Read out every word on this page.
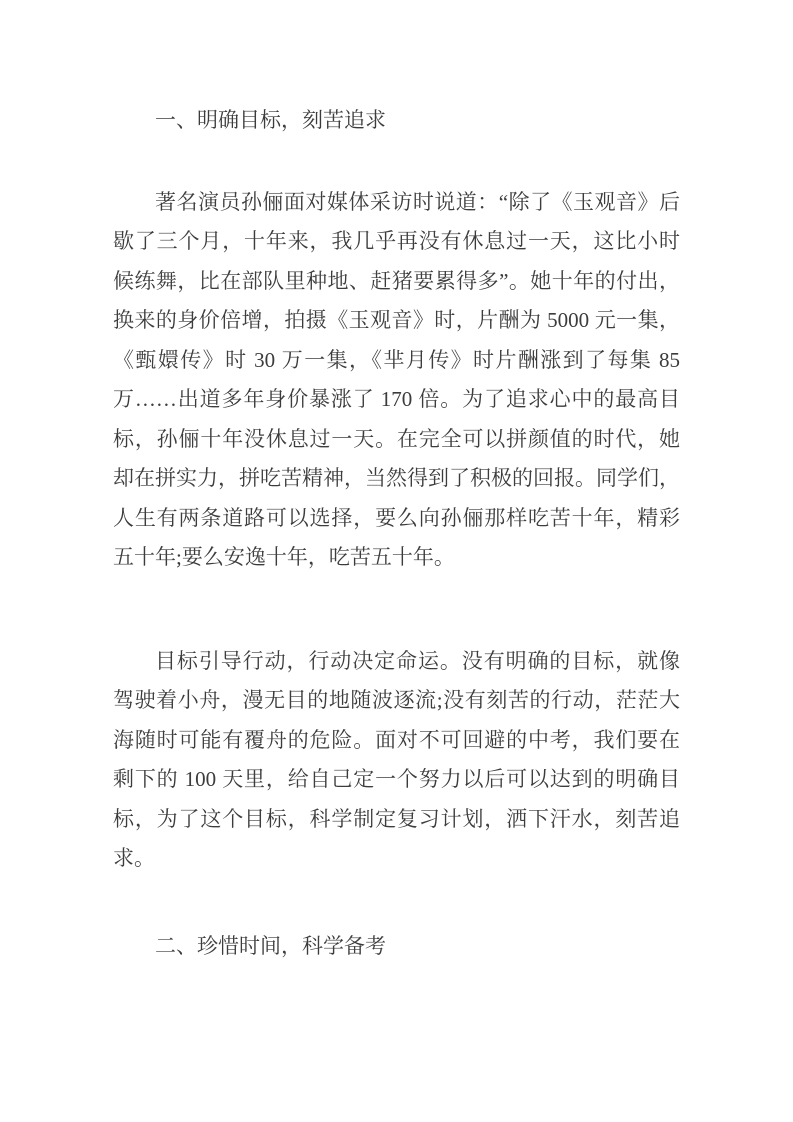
一、明确目标，刻苦追求
著名演员孙俪面对媒体采访时说道：“除了《玉观音》后
歇了三个月，十年来，我几乎再没有休息过一天，这比小时
候练舞，比在部队里种地、赶猪要累得多”。她十年的付出，
换来的身价倍增，拍摄《玉观音》时，片酬为 5000 元一集，
《甄嬛传》时 30 万一集，《芈月传》时片酬涨到了每集 85
万……出道多年身价暴涨了 170 倍。为了追求心中的最高目
标，孙俪十年没休息过一天。在完全可以拼颜值的时代，她
却在拼实力，拼吃苦精神，当然得到了积极的回报。同学们，
人生有两条道路可以选择，要么向孙俪那样吃苦十年，精彩
五十年;要么安逸十年，吃苦五十年。
目标引导行动，行动决定命运。没有明确的目标，就像
驾驶着小舟，漫无目的地随波逐流;没有刻苦的行动，茫茫大
海随时可能有覆舟的危险。面对不可回避的中考，我们要在
剩下的 100 天里，给自己定一个努力以后可以达到的明确目
标，为了这个目标，科学制定复习计划，洒下汗水，刻苦追
求。
二、珍惜时间，科学备考
